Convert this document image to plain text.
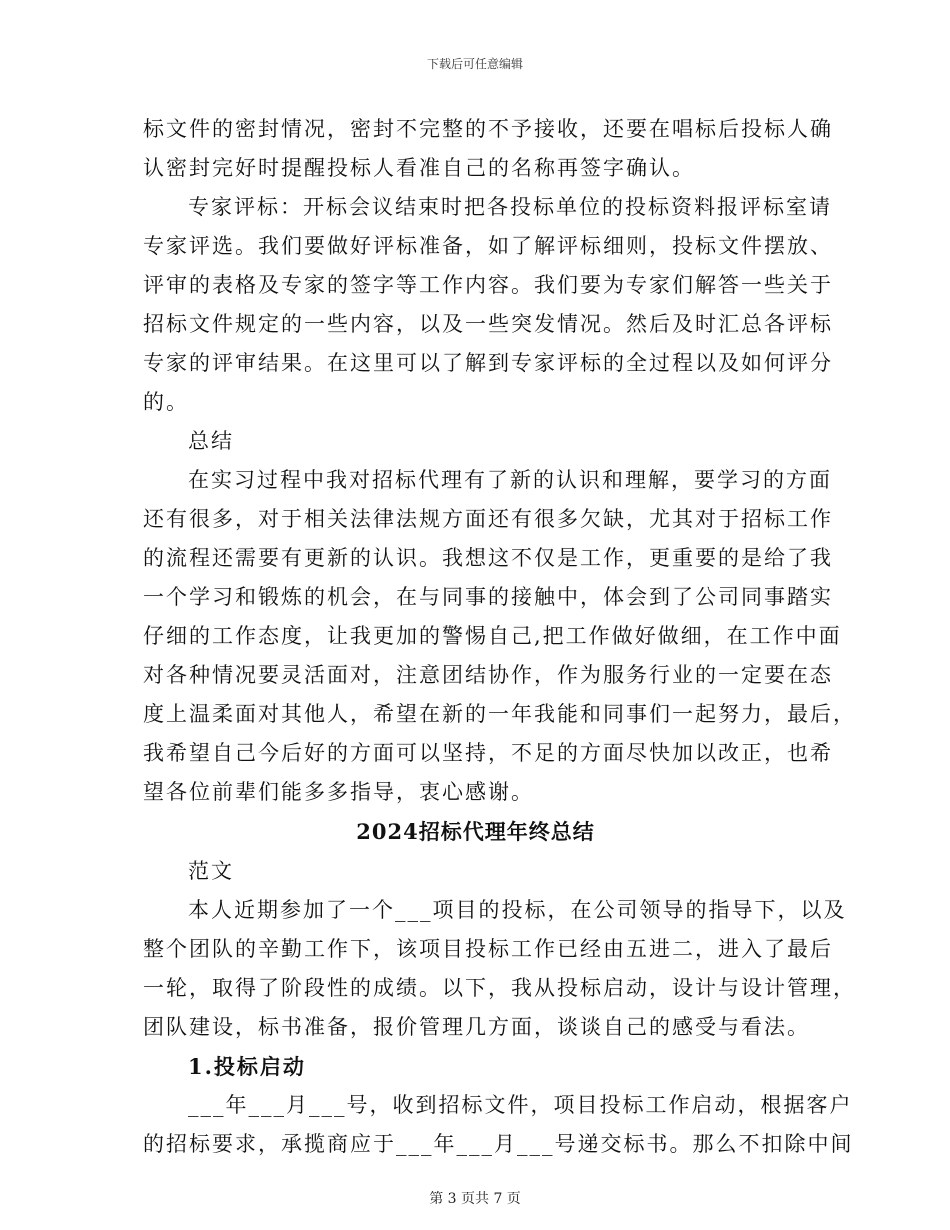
下载后可任意编辑
标文件的密封情况，密封不完整的不予接收，还要在唱标后投标人确
认密封完好时提醒投标人看准自己的名称再签字确认。
专家评标：开标会议结束时把各投标单位的投标资料报评标室请
专家评选。我们要做好评标准备，如了解评标细则，投标文件摆放、
评审的表格及专家的签字等工作内容。我们要为专家们解答一些关于
招标文件规定的一些内容，以及一些突发情况。然后及时汇总各评标
专家的评审结果。在这里可以了解到专家评标的全过程以及如何评分
的。
总结
在实习过程中我对招标代理有了新的认识和理解，要学习的方面
还有很多，对于相关法律法规方面还有很多欠缺，尤其对于招标工作
的流程还需要有更新的认识。我想这不仅是工作，更重要的是给了我
一个学习和锻炼的机会，在与同事的接触中，体会到了公司同事踏实
仔细的工作态度，让我更加的警惕自己,把工作做好做细，在工作中面
对各种情况要灵活面对，注意团结协作，作为服务行业的一定要在态
度上温柔面对其他人，希望在新的一年我能和同事们一起努力，最后，
我希望自己今后好的方面可以坚持，不足的方面尽快加以改正，也希
望各位前辈们能多多指导，衷心感谢。
2024招标代理年终总结
范文
本人近期参加了一个___项目的投标，在公司领导的指导下，以及
整个团队的辛勤工作下，该项目投标工作已经由五进二，进入了最后
一轮，取得了阶段性的成绩。以下，我从投标启动，设计与设计管理，
团队建设，标书准备，报价管理几方面，谈谈自己的感受与看法。
1.投标启动
___年___月___号，收到招标文件，项目投标工作启动，根据客户
的招标要求，承揽商应于___年___月___号递交标书。那么不扣除中间
第 3 页共 7 页
